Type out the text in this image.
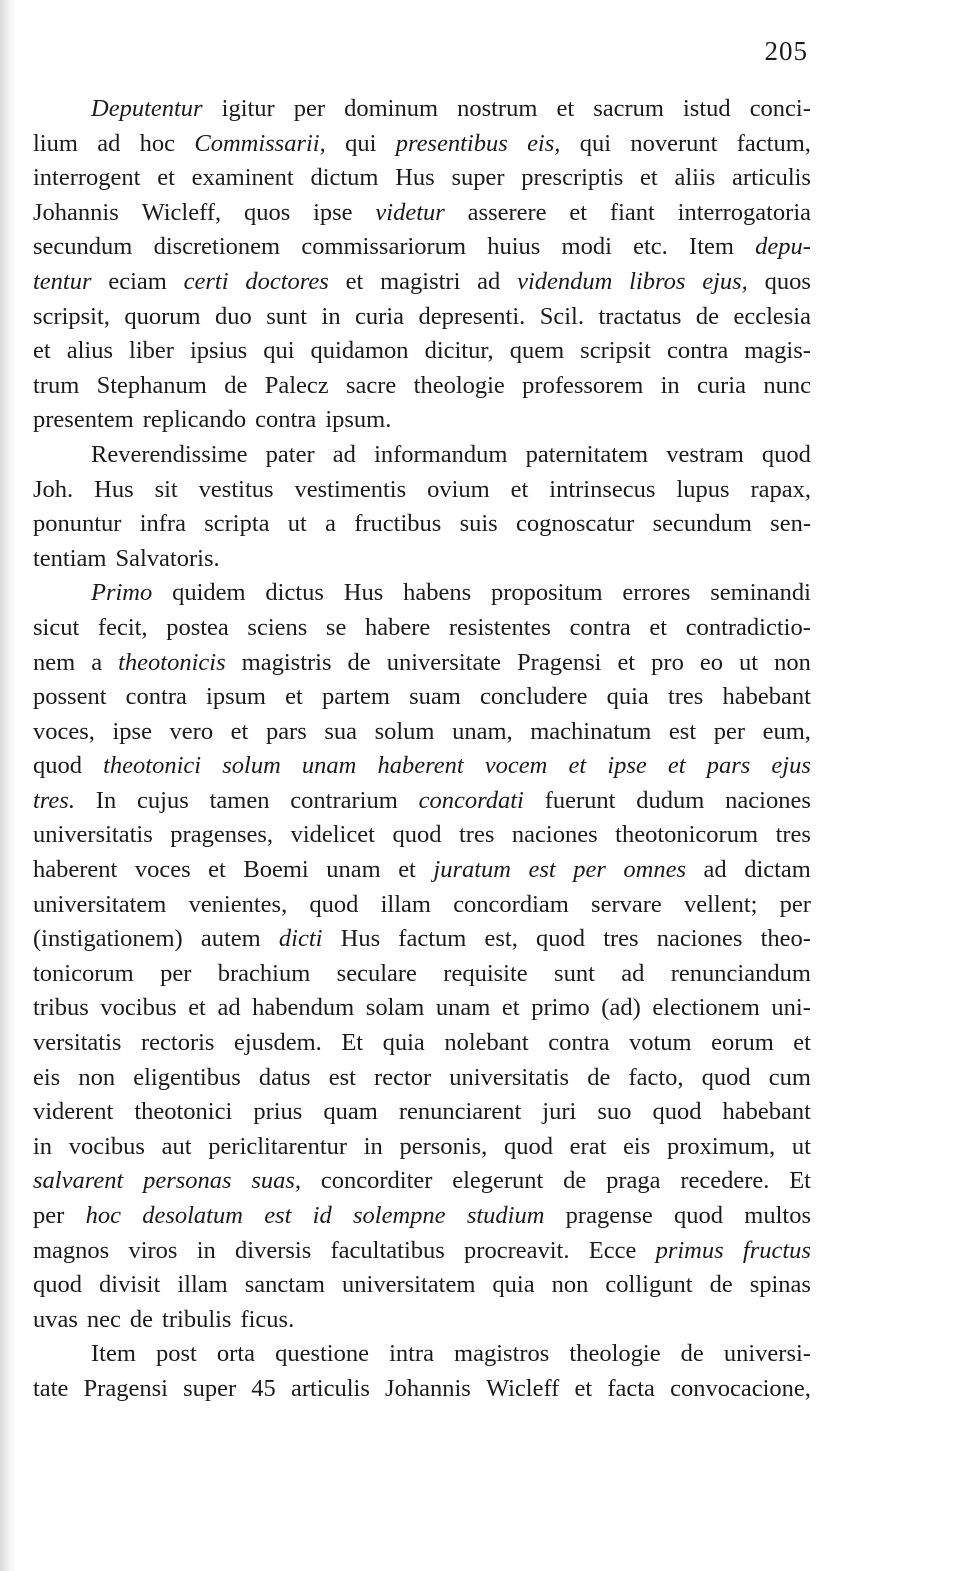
205
Deputentur igitur per dominum nostrum et sacrum istud conci-
lium ad hoc Commissarii, qui presentibus eis, qui noverunt factum,
interrogent et examinent dictum Hus super prescriptis et aliis articulis
Johannis Wicleff, quos ipse videtur asserere et fiant interrogatoria
secundum discretionem commissariorum huius modi etc. Item depu-
tentur eciam certi doctores et magistri ad videndum libros ejus, quos
scripsit, quorum duo sunt in curia depresenti. Scil. tractatus de ecclesia
et alius liber ipsius qui quidamon dicitur, quem scripsit contra magis-
trum Stephanum de Palecz sacre theologie professorem in curia nunc
presentem replicando contra ipsum.
Reverendissime pater ad informandum paternitatem vestram quod
Joh. Hus sit vestitus vestimentis ovium et intrinsecus lupus rapax,
ponuntur infra scripta ut a fructibus suis cognoscatur secundum sen-
tentiam Salvatoris.
Primo quidem dictus Hus habens propositum errores seminandi
sicut fecit, postea sciens se habere resistentes contra et contradictio-
nem a theotonicis magistris de universitate Pragensi et pro eo ut non
possent contra ipsum et partem suam concludere quia tres habebant
voces, ipse vero et pars sua solum unam, machinatum est per eum,
quod theotonici solum unam haberent vocem et ipse et pars ejus
tres. In cujus tamen contrarium concordati fuerunt dudum naciones
universitatis pragenses, videlicet quod tres naciones theotonicorum tres
haberent voces et Boemi unam et juratum est per omnes ad dictam
universitatem venientes, quod illam concordiam servare vellent; per
(instigationem) autem dicti Hus factum est, quod tres naciones theo-
tonicorum per brachium seculare requisite sunt ad renunciandum
tribus vocibus et ad habendum solam unam et primo (ad) electionem uni-
versitatis rectoris ejusdem. Et quia nolebant contra votum eorum et
eis non eligentibus datus est rector universitatis de facto, quod cum
viderent theotonici prius quam renunciarent juri suo quod habebant
in vocibus aut periclitarentur in personis, quod erat eis proximum, ut
salvarent personas suas, concorditer elegerunt de praga recedere. Et
per hoc desolatum est id solempne studium pragense quod multos
magnos viros in diversis facultatibus procreavit. Ecce primus fructus
quod divisit illam sanctam universitatem quia non colligunt de spinas
uvas nec de tribulis ficus.
Item post orta questione intra magistros theologie de universi-
tate Pragensi super 45 articulis Johannis Wicleff et facta convocacione,
